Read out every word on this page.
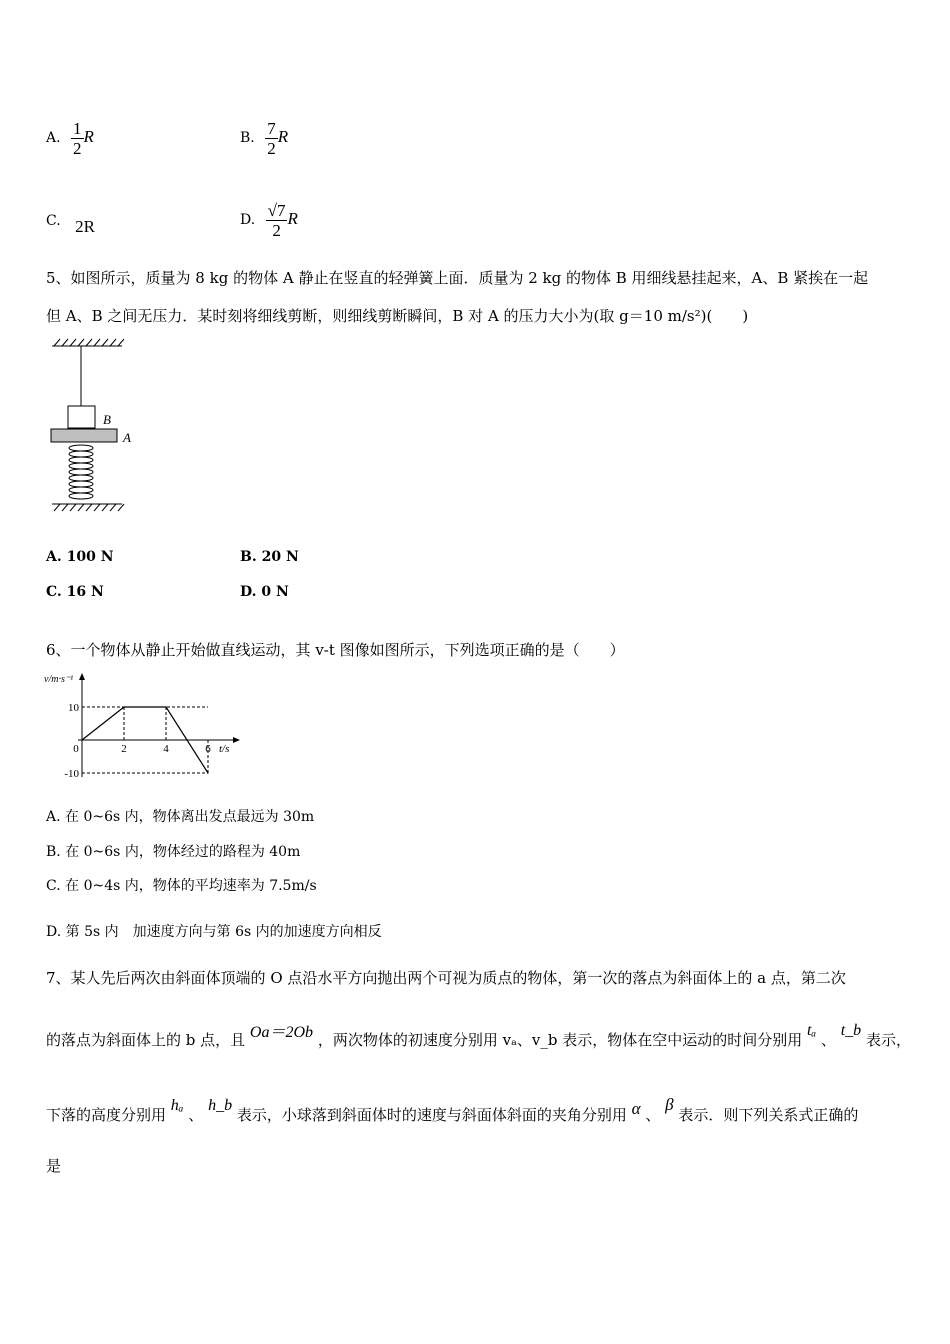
A. $\frac{1}{2}$ R	B. $\frac{7}{2}$ R
C. 2R	D. $\frac{√7}{2}$ R
5、如图所示，质量为 8 kg 的物体 A 静止在竖直的轻弹簧上面．质量为 2 kg 的物体 B 用细线悬挂起来，A、B 紧挨在一起
但 A、B 之间无压力．某时刻将细线剪断，则细线剪断瞬间，B 对 A 的压力大小为(取 g＝10 m/s²)(　　)
B
A
A. 100 N	B. 20 N
C. 16 N	D. 0 N
6、一个物体从静止开始做直线运动，其 v-t 图像如图所示，下列选项正确的是（　　）
v/m·s⁻¹
t/s
10
-10
0	2	4	6
A. 在 0~6s 内，物体离出发点最远为 30m
B. 在 0~6s 内，物体经过的路程为 40m
C. 在 0~4s 内，物体的平均速率为 7.5m/s
D. 第 5s 内　加速度方向与第 6s 内的加速度方向相反
7、某人先后两次由斜面体顶端的 O 点沿水平方向抛出两个可视为质点的物体，第一次的落点为斜面体上的 a 点，第二次
的落点为斜面体上的 b 点，且 Oa＝2Ob ，两次物体的初速度分别用 vₐ、v_b 表示，物体在空中运动的时间分别用 tₐ 、 t_b 表示，
下落的高度分别用 hₐ 、 h_b 表示，小球落到斜面体时的速度与斜面体斜面的夹角分别用 α 、 β 表示．则下列关系式正确的
是
